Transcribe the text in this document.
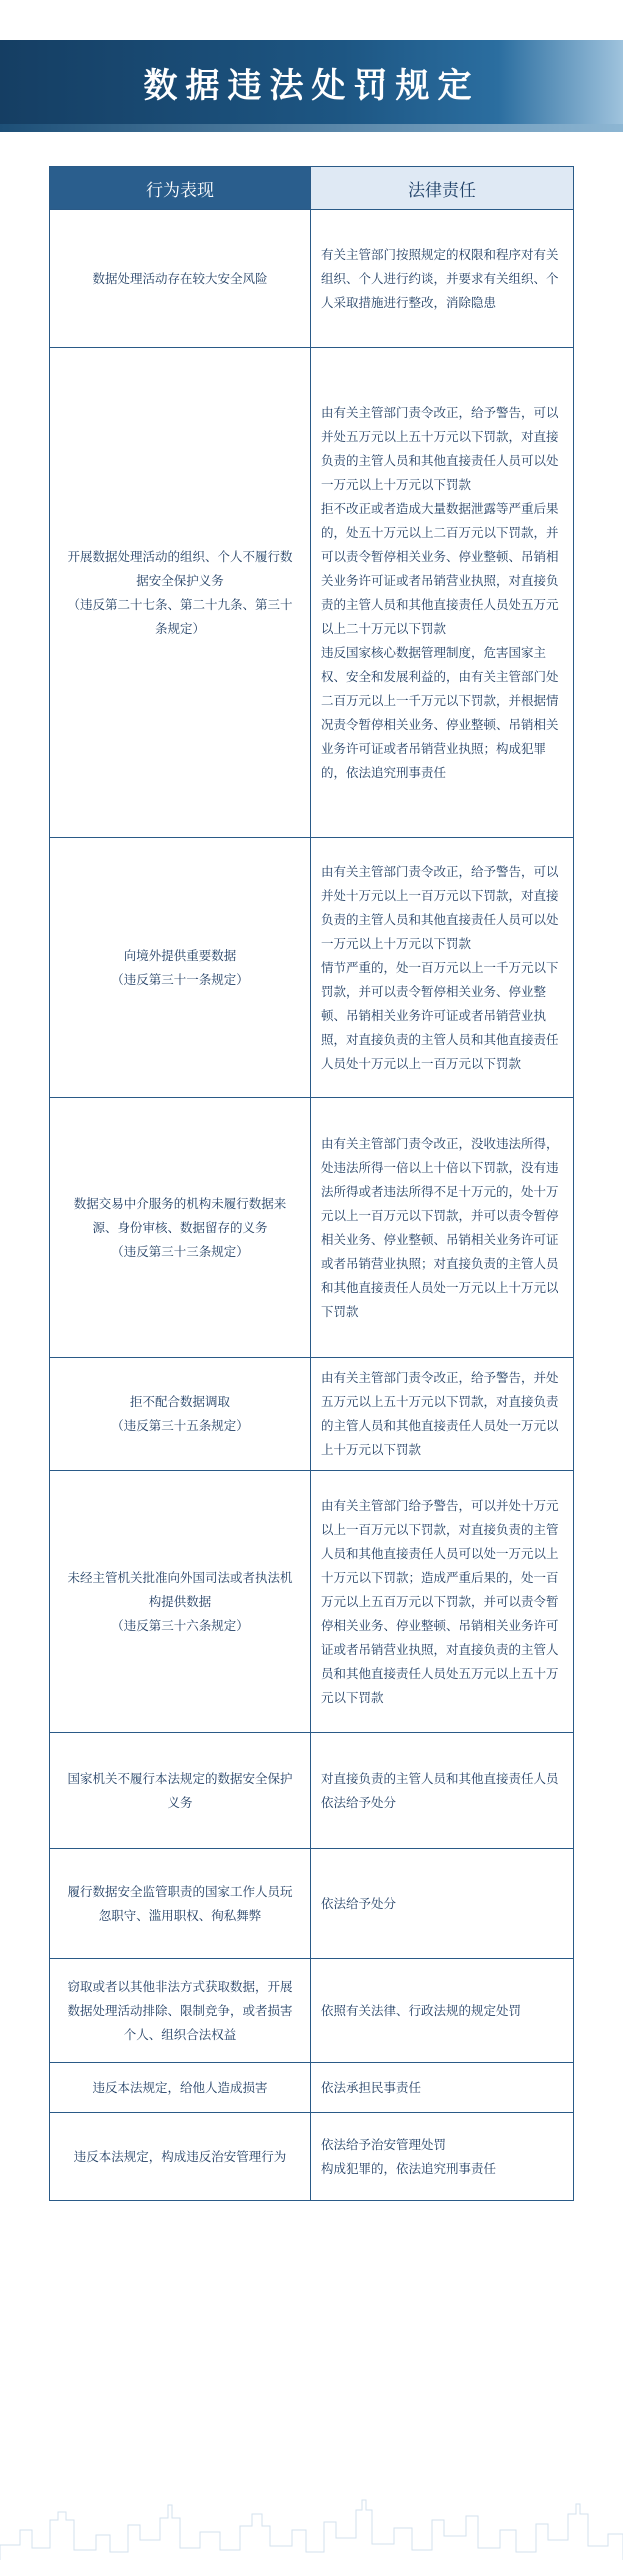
数据违法处罚规定
行为表现	法律责任

数据处理活动存在较大安全风险	有关主管部门按照规定的权限和程序对有关组织、个人进行约谈，并要求有关组织、个人采取措施进行整改，消除隐患

开展数据处理活动的组织、个人不履行数据安全保护义务
（违反第二十七条、第二十九条、第三十条规定）	由有关主管部门责令改正，给予警告，可以并处五万元以上五十万元以下罚款，对直接负责的主管人员和其他直接责任人员可以处一万元以上十万元以下罚款
拒不改正或者造成大量数据泄露等严重后果的，处五十万元以上二百万元以下罚款，并可以责令暂停相关业务、停业整顿、吊销相关业务许可证或者吊销营业执照，对直接负责的主管人员和其他直接责任人员处五万元以上二十万元以下罚款
违反国家核心数据管理制度，危害国家主权、安全和发展利益的，由有关主管部门处二百万元以上一千万元以下罚款，并根据情况责令暂停相关业务、停业整顿、吊销相关业务许可证或者吊销营业执照；构成犯罪的，依法追究刑事责任

向境外提供重要数据
（违反第三十一条规定）	由有关主管部门责令改正，给予警告，可以并处十万元以上一百万元以下罚款，对直接负责的主管人员和其他直接责任人员可以处一万元以上十万元以下罚款
情节严重的，处一百万元以上一千万元以下罚款，并可以责令暂停相关业务、停业整顿、吊销相关业务许可证或者吊销营业执照，对直接负责的主管人员和其他直接责任人员处十万元以上一百万元以下罚款

数据交易中介服务的机构未履行数据来源、身份审核、数据留存的义务
（违反第三十三条规定）	由有关主管部门责令改正，没收违法所得，处违法所得一倍以上十倍以下罚款，没有违法所得或者违法所得不足十万元的，处十万元以上一百万元以下罚款，并可以责令暂停相关业务、停业整顿、吊销相关业务许可证或者吊销营业执照；对直接负责的主管人员和其他直接责任人员处一万元以上十万元以下罚款

拒不配合数据调取
（违反第三十五条规定）	由有关主管部门责令改正，给予警告，并处五万元以上五十万元以下罚款，对直接负责的主管人员和其他直接责任人员处一万元以上十万元以下罚款

未经主管机关批准向外国司法或者执法机构提供数据
（违反第三十六条规定）	由有关主管部门给予警告，可以并处十万元以上一百万元以下罚款，对直接负责的主管人员和其他直接责任人员可以处一万元以上十万元以下罚款；造成严重后果的，处一百万元以上五百万元以下罚款，并可以责令暂停相关业务、停业整顿、吊销相关业务许可证或者吊销营业执照，对直接负责的主管人员和其他直接责任人员处五万元以上五十万元以下罚款

国家机关不履行本法规定的数据安全保护义务	对直接负责的主管人员和其他直接责任人员依法给予处分

履行数据安全监管职责的国家工作人员玩忽职守、滥用职权、徇私舞弊	依法给予处分

窃取或者以其他非法方式获取数据，开展数据处理活动排除、限制竞争，或者损害个人、组织合法权益	依照有关法律、行政法规的规定处罚

违反本法规定，给他人造成损害	依法承担民事责任

违反本法规定，构成违反治安管理行为	依法给予治安管理处罚
构成犯罪的，依法追究刑事责任
